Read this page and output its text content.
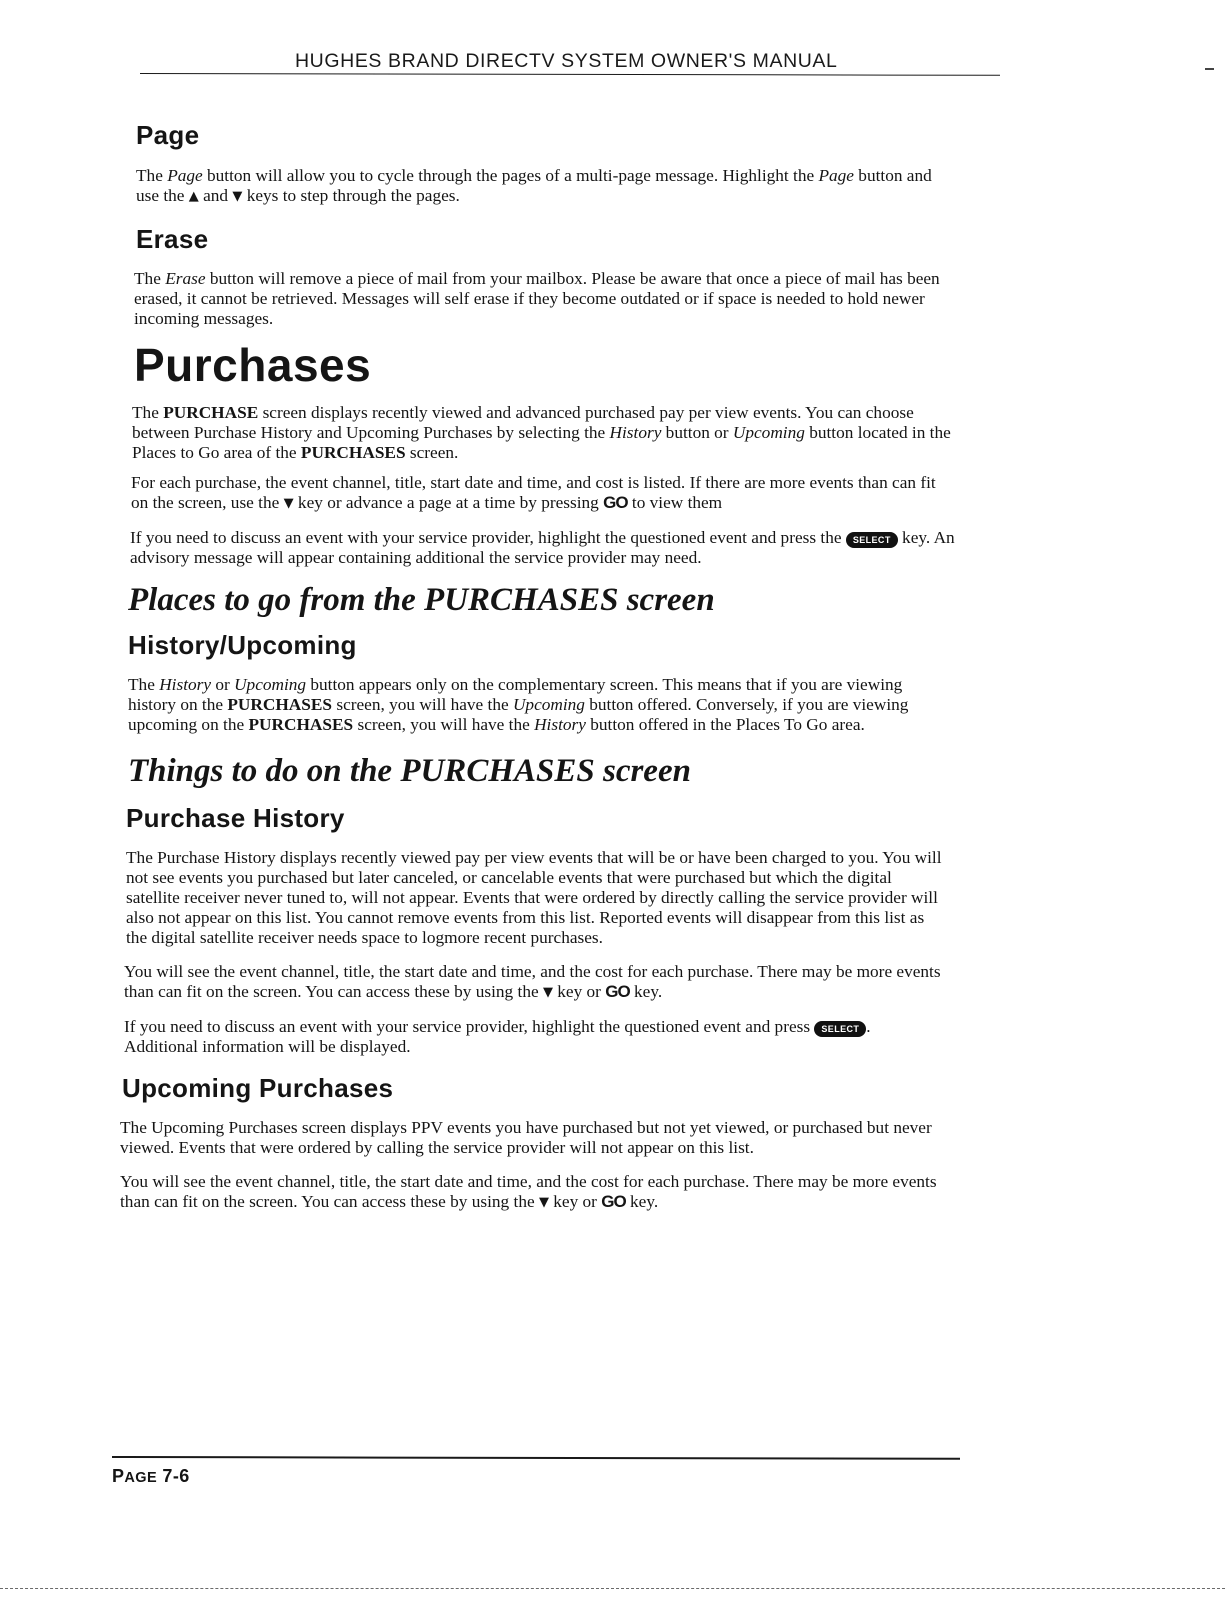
HUGHES BRAND DIRECTV SYSTEM OWNER'S MANUAL
Page

The Page button will allow you to cycle through the pages of a multi-page message. Highlight the Page button and use the ▲ and ▼ keys to step through the pages.

Erase

The Erase button will remove a piece of mail from your mailbox. Please be aware that once a piece of mail has been erased, it cannot be retrieved. Messages will self erase if they become outdated or if space is needed to hold newer incoming messages.

Purchases

The PURCHASE screen displays recently viewed and advanced purchased pay per view events. You can choose between Purchase History and Upcoming Purchases by selecting the History button or Upcoming button located in the Places to Go area of the PURCHASES screen.

For each purchase, the event channel, title, start date and time, and cost is listed. If there are more events than can fit on the screen, use the ▼ key or advance a page at a time by pressing GO to view them

If you need to discuss an event with your service provider, highlight the questioned event and press the SELECT key. An advisory message will appear containing additional the service provider may need.

Places to go from the PURCHASES screen
History/Upcoming

The History or Upcoming button appears only on the complementary screen. This means that if you are viewing history on the PURCHASES screen, you will have the Upcoming button offered. Conversely, if you are viewing upcoming on the PURCHASES screen, you will have the History button offered in the Places To Go area.

Things to do on the PURCHASES screen
Purchase History

The Purchase History displays recently viewed pay per view events that will be or have been charged to you. You will not see events you purchased but later canceled, or cancelable events that were purchased but which the digital satellite receiver never tuned to, will not appear. Events that were ordered by directly calling the service provider will also not appear on this list. You cannot remove events from this list. Reported events will disappear from this list as the digital satellite receiver needs space to logmore recent purchases.

You will see the event channel, title, the start date and time, and the cost for each purchase. There may be more events than can fit on the screen. You can access these by using the ▼ key or GO key.

If you need to discuss an event with your service provider, highlight the questioned event and press SELECT . Additional information will be displayed.

Upcoming Purchases

The Upcoming Purchases screen displays PPV events you have purchased but not yet viewed, or purchased but never viewed. Events that were ordered by calling the service provider will not appear on this list.

You will see the event channel, title, the start date and time, and the cost for each purchase. There may be more events than can fit on the screen. You can access these by using the ▼ key or GO key.

PAGE 7-6
